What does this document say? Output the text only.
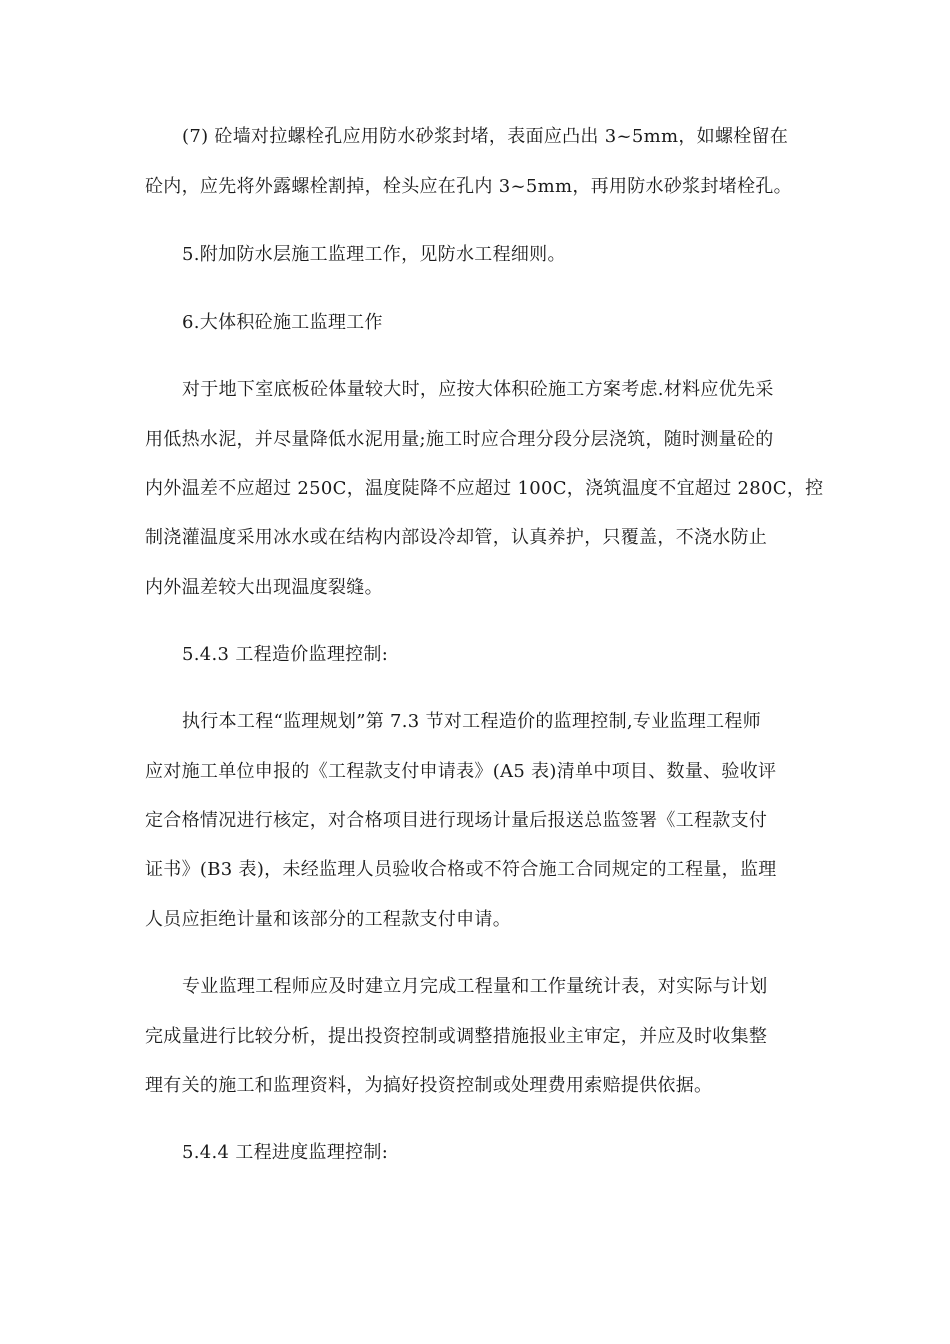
(7) 砼墙对拉螺栓孔应用防水砂浆封堵，表面应凸出 3~5mm，如螺栓留在
砼内，应先将外露螺栓割掉，栓头应在孔内 3~5mm，再用防水砂浆封堵栓孔。
5.附加防水层施工监理工作，见防水工程细则。
6.大体积砼施工监理工作
对于地下室底板砼体量较大时，应按大体积砼施工方案考虑.材料应优先采
用低热水泥，并尽量降低水泥用量;施工时应合理分段分层浇筑，随时测量砼的
内外温差不应超过 250C，温度陡降不应超过 100C，浇筑温度不宜超过 280C，控
制浇灌温度采用冰水或在结构内部设冷却管，认真养护，只覆盖，不浇水防止
内外温差较大出现温度裂缝。
5.4.3 工程造价监理控制:
执行本工程“监理规划”第 7.3 节对工程造价的监理控制,专业监理工程师
应对施工单位申报的《工程款支付申请表》(A5 表)清单中项目、数量、验收评
定合格情况进行核定，对合格项目进行现场计量后报送总监签署《工程款支付
证书》(B3 表)，未经监理人员验收合格或不符合施工合同规定的工程量，监理
人员应拒绝计量和该部分的工程款支付申请。
专业监理工程师应及时建立月完成工程量和工作量统计表，对实际与计划
完成量进行比较分析，提出投资控制或调整措施报业主审定，并应及时收集整
理有关的施工和监理资料，为搞好投资控制或处理费用索赔提供依据。
5.4.4 工程进度监理控制:
